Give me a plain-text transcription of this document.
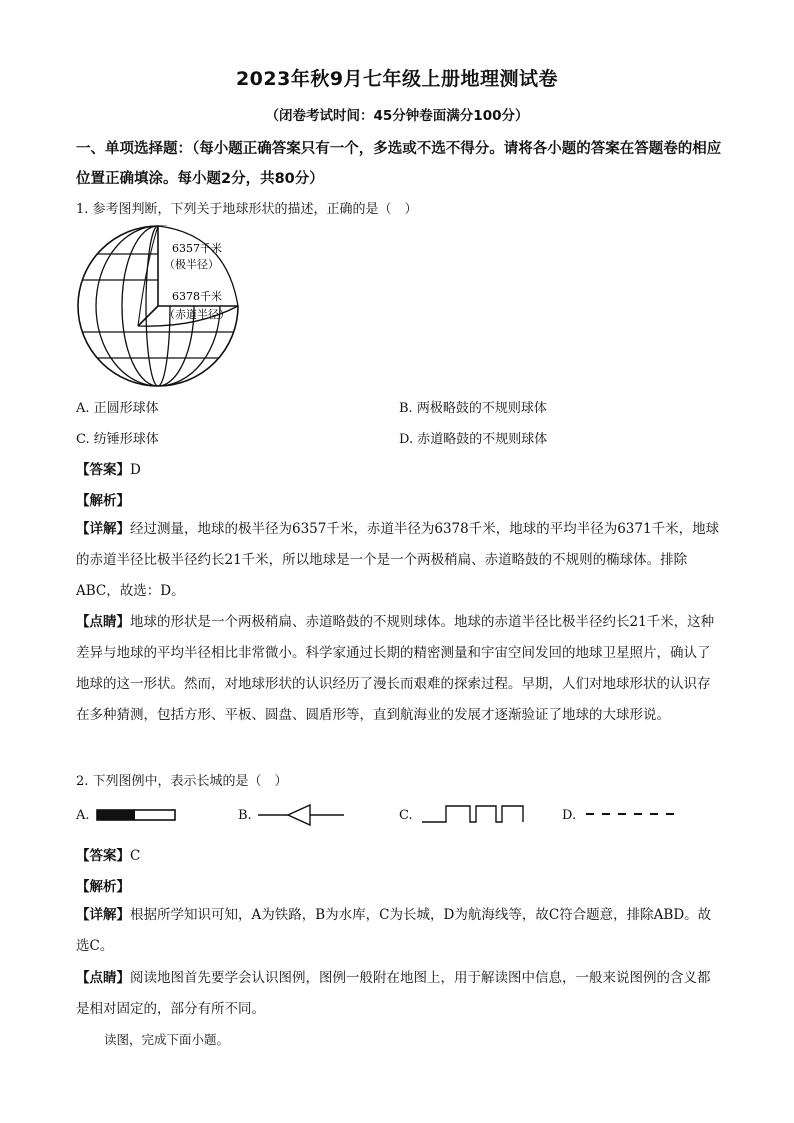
2023年秋9月七年级上册地理测试卷
（闭卷考试时间：45分钟卷面满分100分）
一、单项选择题：（每小题正确答案只有一个，多选或不选不得分。请将各小题的答案在答题卷的相应位置正确填涂。每小题2分，共80分）
1. 参考图判断，下列关于地球形状的描述，正确的是（　）
6357千米
（极半径）
6378千米
（赤道半径）
A. 正圆形球体	B. 两极略鼓的不规则球体
C. 纺锤形球体	D. 赤道略鼓的不规则球体
【答案】D
【解析】
【详解】经过测量，地球的极半径为6357千米，赤道半径为6378千米，地球的平均半径为6371千米，地球的赤道半径比极半径约长21千米，所以地球是一个是一个两极稍扁、赤道略鼓的不规则的椭球体。排除ABC，故选：D。
【点睛】地球的形状是一个两极稍扁、赤道略鼓的不规则球体。地球的赤道半径比极半径约长21千米，这种差异与地球的平均半径相比非常微小。科学家通过长期的精密测量和宇宙空间发回的地球卫星照片，确认了地球的这一形状。然而，对地球形状的认识经历了漫长而艰难的探索过程。早期，人们对地球形状的认识存在多种猜测，包括方形、平板、圆盘、圆盾形等，直到航海业的发展才逐渐验证了地球的大球形说。
2. 下列图例中，表示长城的是（　）
A.	B.	C.	D.
【答案】C
【解析】
【详解】根据所学知识可知，A为铁路，B为水库，C为长城，D为航海线等，故C符合题意，排除ABD。故选C。
【点睛】阅读地图首先要学会认识图例，图例一般附在地图上，用于解读图中信息，一般来说图例的含义都是相对固定的，部分有所不同。
读图，完成下面小题。
